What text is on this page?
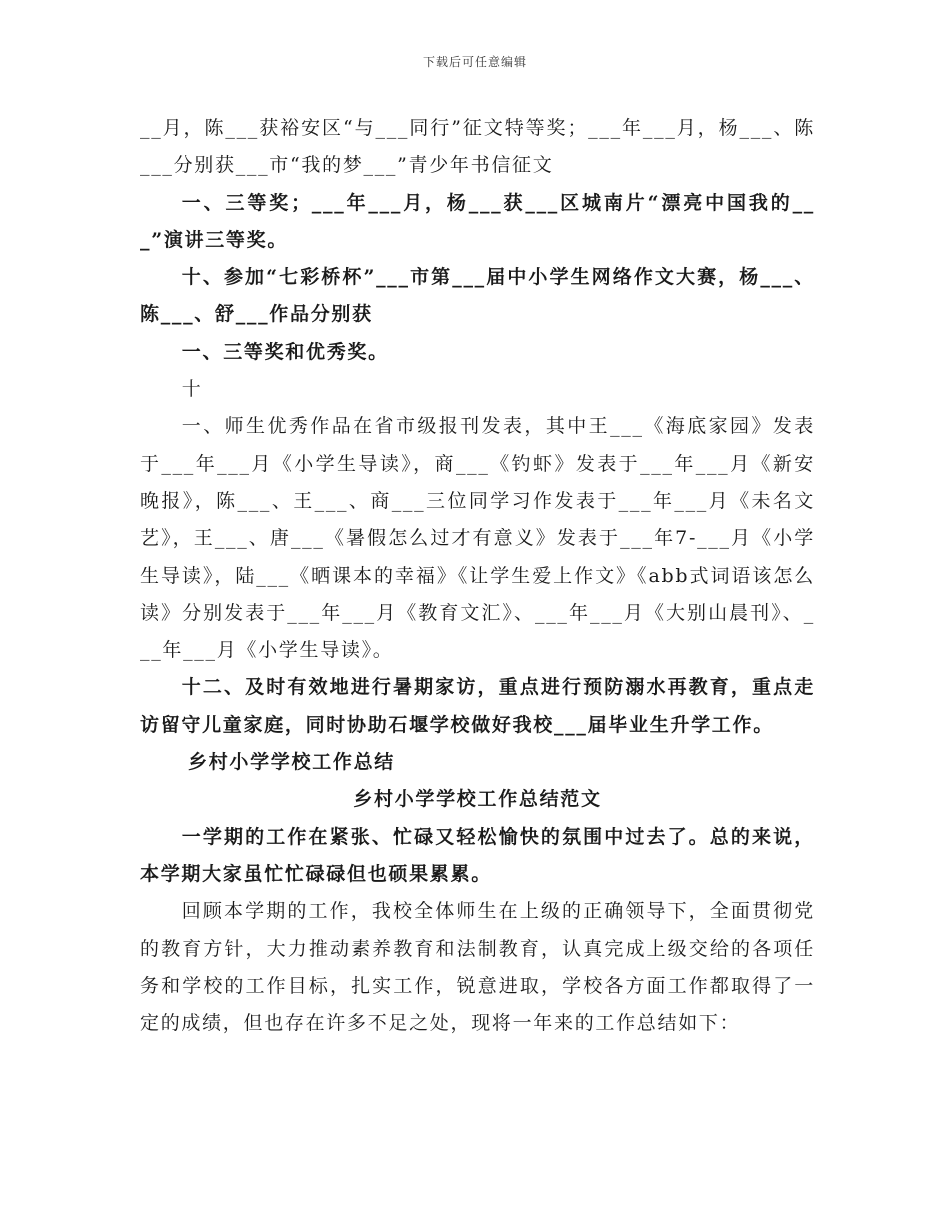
下载后可任意编辑

__月，陈___获裕安区“与___同行”征文特等奖；___年___月，杨___、陈___分别获___市“我的梦___”青少年书信征文

一、三等奖；___年___月，杨___获___区城南片“漂亮中国我的___”演讲三等奖。

十、参加“七彩桥杯”___市第___届中小学生网络作文大赛，杨___、陈___、舒___作品分别获

一、三等奖和优秀奖。

十

一、师生优秀作品在省市级报刊发表，其中王___《海底家园》发表于___年___月《小学生导读》，商___《钓虾》发表于___年___月《新安晚报》，陈___、王___、商___三位同学习作发表于___年___月《未名文艺》，王___、唐___《暑假怎么过才有意义》发表于___年7-___月《小学生导读》，陆___《晒课本的幸福》《让学生爱上作文》《abb式词语该怎么读》分别发表于___年___月《教育文汇》、___年___月《大别山晨刊》、___年___月《小学生导读》。

十二、及时有效地进行暑期家访，重点进行预防溺水再教育，重点走访留守儿童家庭，同时协助石堰学校做好我校___届毕业生升学工作。

乡村小学学校工作总结

乡村小学学校工作总结范文

一学期的工作在紧张、忙碌又轻松愉快的氛围中过去了。总的来说，本学期大家虽忙忙碌碌但也硕果累累。

回顾本学期的工作，我校全体师生在上级的正确领导下，全面贯彻党的教育方针，大力推动素养教育和法制教育，认真完成上级交给的各项任务和学校的工作目标，扎实工作，锐意进取，学校各方面工作都取得了一定的成绩，但也存在许多不足之处，现将一年来的工作总结如下：
